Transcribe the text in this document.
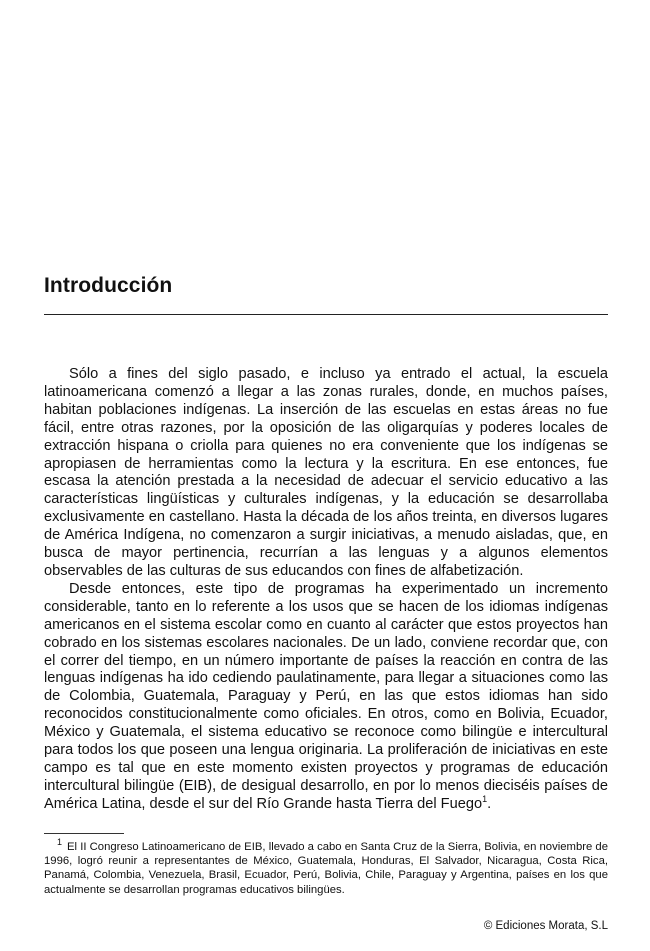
Introducción

Sólo a fines del siglo pasado, e incluso ya entrado el actual, la escuela latinoamericana comenzó a llegar a las zonas rurales, donde, en muchos países, habitan poblaciones indígenas. La inserción de las escuelas en estas áreas no fue fácil, entre otras razones, por la oposición de las oligarquías y poderes locales de extracción hispana o criolla para quienes no era conveniente que los indígenas se apropiasen de herramientas como la lectura y la escritura. En ese entonces, fue escasa la atención prestada a la necesidad de adecuar el servicio educativo a las características lingüísticas y culturales indígenas, y la educación se desarrollaba exclusivamente en castellano. Hasta la década de los años treinta, en diversos lugares de América Indígena, no comenzaron a surgir iniciativas, a menudo aisladas, que, en busca de mayor pertinencia, recurrían a las lenguas y a algunos elementos observables de las culturas de sus educandos con fines de alfabetización.

Desde entonces, este tipo de programas ha experimentado un incremento considerable, tanto en lo referente a los usos que se hacen de los idiomas indígenas americanos en el sistema escolar como en cuanto al carácter que estos proyectos han cobrado en los sistemas escolares nacionales. De un lado, conviene recordar que, con el correr del tiempo, en un número importante de países la reacción en contra de las lenguas indígenas ha ido cediendo paulatinamente, para llegar a situaciones como las de Colombia, Guatemala, Paraguay y Perú, en las que estos idiomas han sido reconocidos constitucionalmente como oficiales. En otros, como en Bolivia, Ecuador, México y Guatemala, el sistema educativo se reconoce como bilingüe e intercultural para todos los que poseen una lengua originaria. La proliferación de iniciativas en este campo es tal que en este momento existen proyectos y programas de educación intercultural bilingüe (EIB), de desigual desarrollo, en por lo menos dieciséis países de América Latina, desde el sur del Río Grande hasta Tierra del Fuego$^1$.

$^1$ El II Congreso Latinoamericano de EIB, llevado a cabo en Santa Cruz de la Sierra, Bolivia, en noviembre de 1996, logró reunir a representantes de México, Guatemala, Honduras, El Salvador, Nicaragua, Costa Rica, Panamá, Colombia, Venezuela, Brasil, Ecuador, Perú, Bolivia, Chile, Paraguay y Argentina, países en los que actualmente se desarrollan programas educativos bilingües.

© Ediciones Morata, S.L
